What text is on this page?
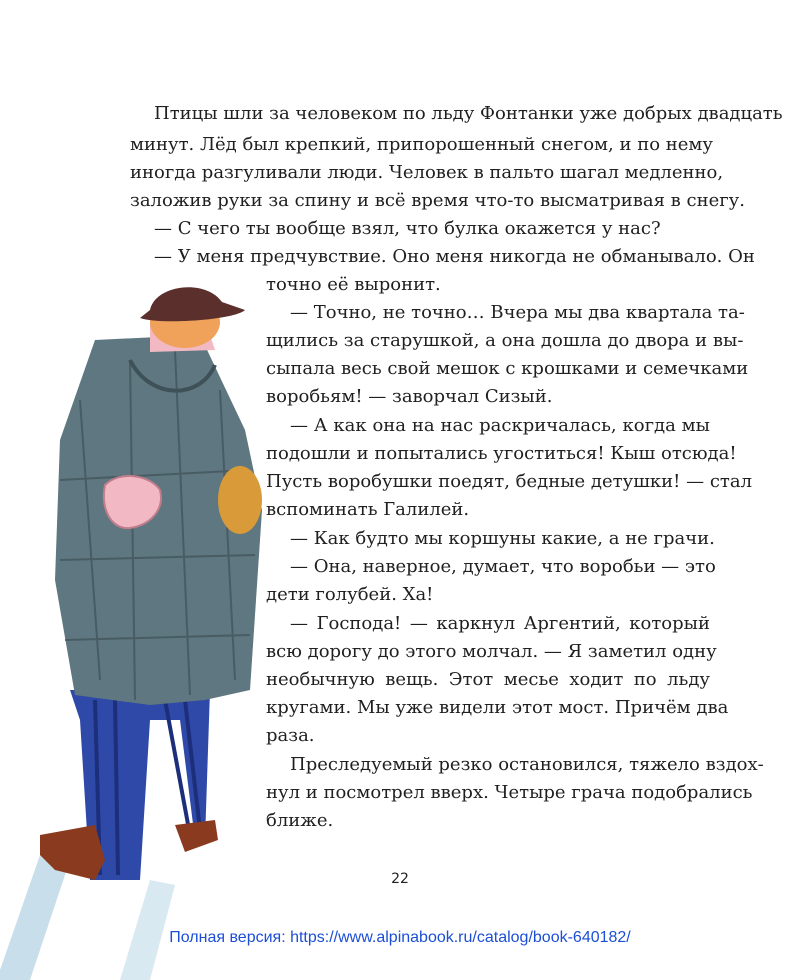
Птицы шли за человеком по льду Фонтанки уже добрых двадцать
минут. Лёд был крепкий, припорошенный снегом, и по нему
иногда разгуливали люди. Человек в пальто шагал медленно,
заложив руки за спину и всё время что-то высматривая в снегу.
— С чего ты вообще взял, что булка окажется у нас?
— У меня предчувствие. Оно меня никогда не обманывало. Он
точно её выронит.
— Точно, не точно… Вчера мы два квартала та-
щились за старушкой, а она дошла до двора и вы-
сыпала весь свой мешок с крошками и семечками
воробьям! — заворчал Сизый.
— А как она на нас раскричалась, когда мы
подошли и попытались угоститься! Кыш отсюда!
Пусть воробушки поедят, бедные детушки! — стал
вспоминать Галилей.
— Как будто мы коршуны какие, а не грачи.
— Она, наверное, думает, что воробьи — это
дети голубей. Ха!
— Господа! — каркнул Аргентий, который
всю дорогу до этого молчал. — Я заметил одну
необычную вещь. Этот месье ходит по льду
кругами. Мы уже видели этот мост. Причём два
раза.
Преследуемый резко остановился, тяжело вздох-
нул и посмотрел вверх. Четыре грача подобрались
ближе.
22
Полная версия: https://www.alpinabook.ru/catalog/book-640182/
